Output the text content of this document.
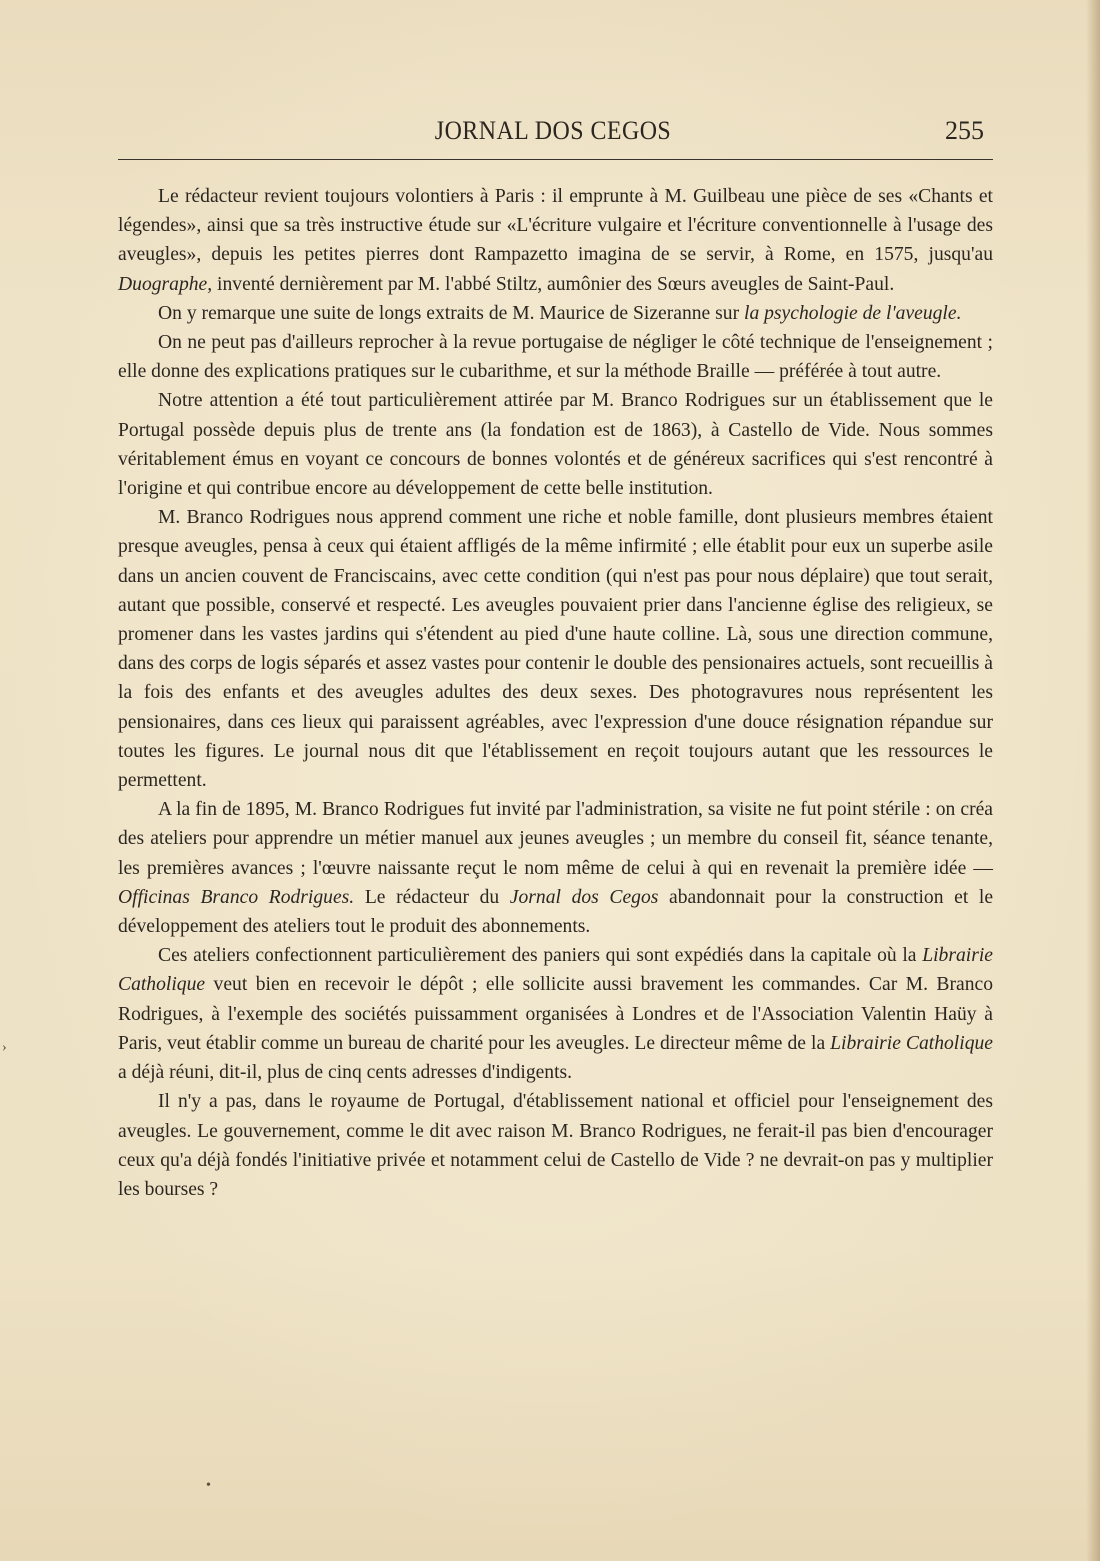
JORNAL DOS CEGOS	255

Le rédacteur revient toujours volontiers à Paris : il emprunte à M. Guilbeau une pièce de ses «Chants et légendes», ainsi que sa très instructive étude sur «L'écriture vulgaire et l'écriture conventionnelle à l'usage des aveugles», depuis les petites pierres dont Rampazetto imagina de se servir, à Rome, en 1575, jusqu'au Duographe, inventé dernièrement par M. l'abbé Stiltz, aumônier des Sœurs aveugles de Saint-Paul.

On y remarque une suite de longs extraits de M. Maurice de Sizeranne sur la psychologie de l'aveugle.

On ne peut pas d'ailleurs reprocher à la revue portugaise de négliger le côté technique de l'enseignement ; elle donne des explications pratiques sur le cubarithme, et sur la méthode Braille — préférée à tout autre.

Notre attention a été tout particulièrement attirée par M. Branco Rodrigues sur un établissement que le Portugal possède depuis plus de trente ans (la fondation est de 1863), à Castello de Vide. Nous sommes véritablement émus en voyant ce concours de bonnes volontés et de généreux sacrifices qui s'est rencontré à l'origine et qui contribue encore au développement de cette belle institution.

M. Branco Rodrigues nous apprend comment une riche et noble famille, dont plusieurs membres étaient presque aveugles, pensa à ceux qui étaient affligés de la même infirmité ; elle établit pour eux un superbe asile dans un ancien couvent de Franciscains, avec cette condition (qui n'est pas pour nous déplaire) que tout serait, autant que possible, conservé et respecté. Les aveugles pouvaient prier dans l'ancienne église des religieux, se promener dans les vastes jardins qui s'étendent au pied d'une haute colline. Là, sous une direction commune, dans des corps de logis séparés et assez vastes pour contenir le double des pensionaires actuels, sont recueillis à la fois des enfants et des aveugles adultes des deux sexes. Des photogravures nous représentent les pensionaires, dans ces lieux qui paraissent agréables, avec l'expression d'une douce résignation répandue sur toutes les figures. Le journal nous dit que l'établissement en reçoit toujours autant que les ressources le permettent.

A la fin de 1895, M. Branco Rodrigues fut invité par l'administration, sa visite ne fut point stérile : on créa des ateliers pour apprendre un métier manuel aux jeunes aveugles ; un membre du conseil fit, séance tenante, les premières avances ; l'œuvre naissante reçut le nom même de celui à qui en revenait la première idée — Officinas Branco Rodrigues. Le rédacteur du Jornal dos Cegos abandonnait pour la construction et le développement des ateliers tout le produit des abonnements.

Ces ateliers confectionnent particulièrement des paniers qui sont expédiés dans la capitale où la Librairie Catholique veut bien en recevoir le dépôt ; elle sollicite aussi bravement les commandes. Car M. Branco Rodrigues, à l'exemple des sociétés puissamment organisées à Londres et de l'Association Valentin Haüy à Paris, veut établir comme un bureau de charité pour les aveugles. Le directeur même de la Librairie Catholique a déjà réuni, dit-il, plus de cinq cents adresses d'indigents.

Il n'y a pas, dans le royaume de Portugal, d'établissement national et officiel pour l'enseignement des aveugles. Le gouvernement, comme le dit avec raison M. Branco Rodrigues, ne ferait-il pas bien d'encourager ceux qu'a déjà fondés l'initiative privée et notamment celui de Castello de Vide ? ne devrait-on pas y multiplier les bourses ?

›
•
